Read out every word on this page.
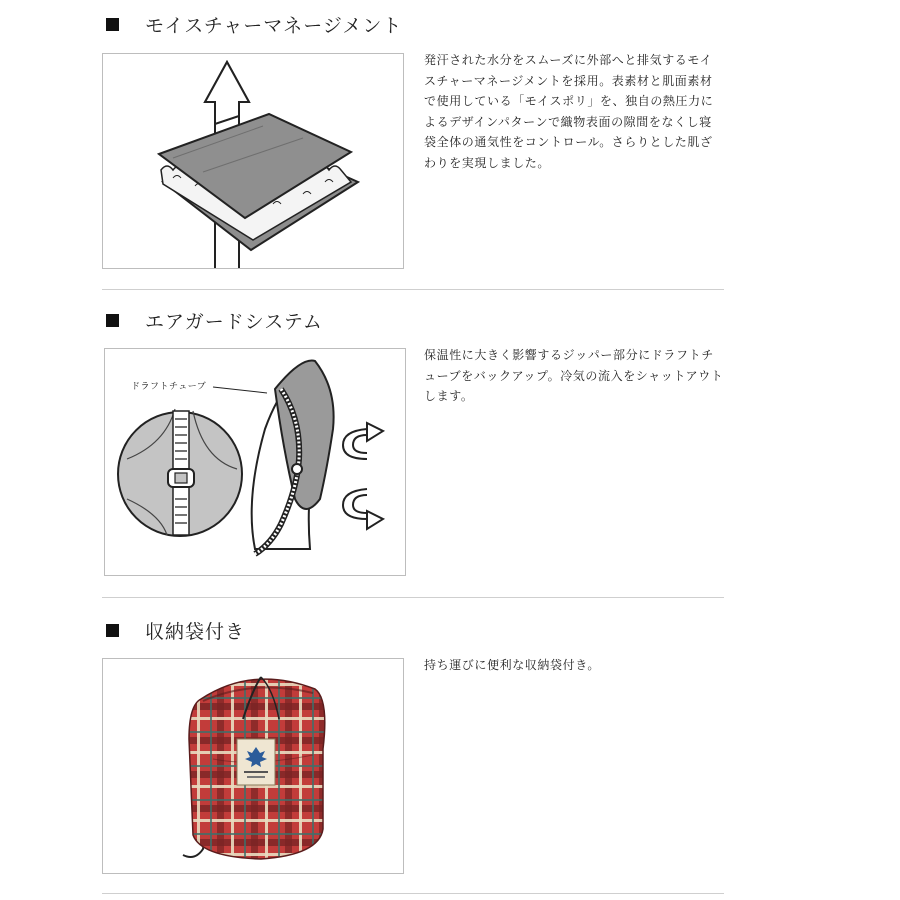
モイスチャーマネージメント
発汗された水分をスムーズに外部へと排気するモイスチャーマネージメントを採用。表素材と肌面素材で使用している「モイスポリ」を、独自の熱圧力によるデザインパターンで織物表面の隙間をなくし寝袋全体の通気性をコントロール。さらりとした肌ざわりを実現しました。
エアガードシステム
ドラフトチューブ
保温性に大きく影響するジッパー部分にドラフトチューブをバックアップ。冷気の流入をシャットアウトします。
収納袋付き
持ち運びに便利な収納袋付き。
